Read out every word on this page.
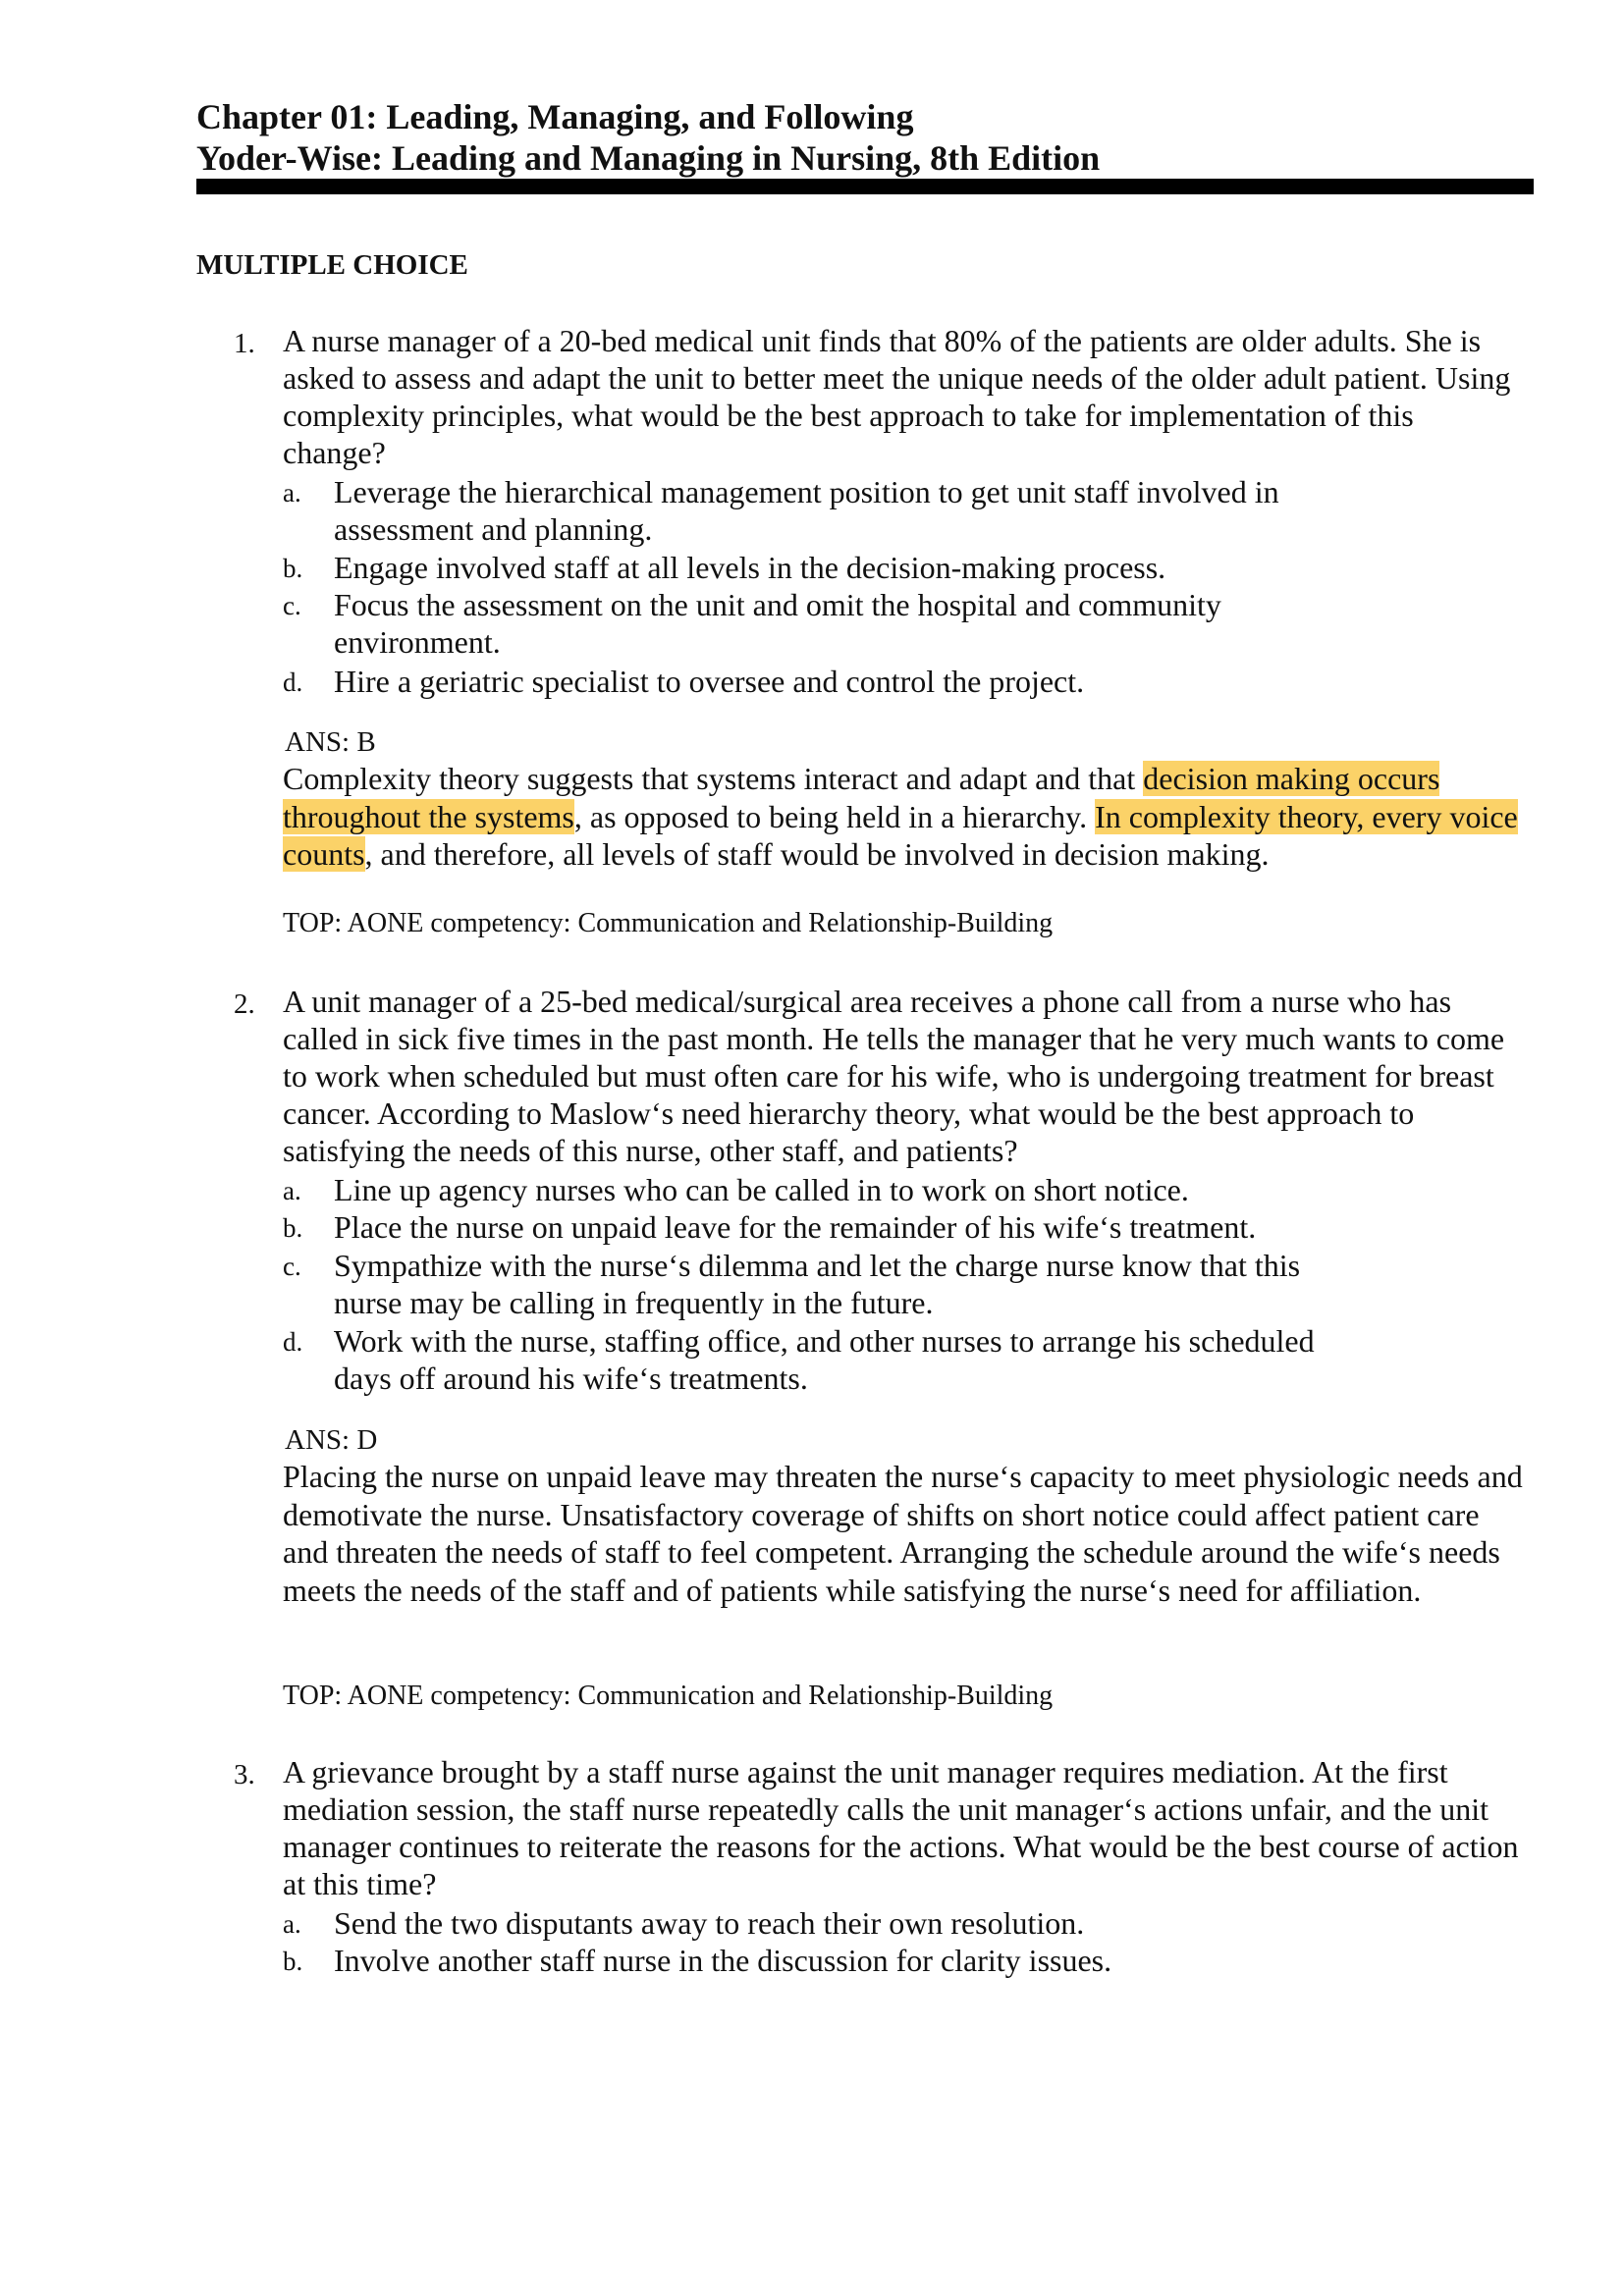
Chapter 01: Leading, Managing, and Following
Yoder-Wise: Leading and Managing in Nursing, 8th Edition
MULTIPLE CHOICE
1. A nurse manager of a 20-bed medical unit finds that 80% of the patients are older adults. She is asked to assess and adapt the unit to better meet the unique needs of the older adult patient. Using complexity principles, what would be the best approach to take for implementation of this change?
a. Leverage the hierarchical management position to get unit staff involved in assessment and planning.
b. Engage involved staff at all levels in the decision-making process.
c. Focus the assessment on the unit and omit the hospital and community environment.
d. Hire a geriatric specialist to oversee and control the project.
ANS: B
Complexity theory suggests that systems interact and adapt and that decision making occurs throughout the systems, as opposed to being held in a hierarchy. In complexity theory, every voice counts, and therefore, all levels of staff would be involved in decision making.
TOP: AONE competency: Communication and Relationship-Building
2. A unit manager of a 25-bed medical/surgical area receives a phone call from a nurse who has called in sick five times in the past month. He tells the manager that he very much wants to come to work when scheduled but must often care for his wife, who is undergoing treatment for breast cancer. According to Maslow‘s need hierarchy theory, what would be the best approach to satisfying the needs of this nurse, other staff, and patients?
a. Line up agency nurses who can be called in to work on short notice.
b. Place the nurse on unpaid leave for the remainder of his wife‘s treatment.
c. Sympathize with the nurse‘s dilemma and let the charge nurse know that this nurse may be calling in frequently in the future.
d. Work with the nurse, staffing office, and other nurses to arrange his scheduled days off around his wife‘s treatments.
ANS: D
Placing the nurse on unpaid leave may threaten the nurse‘s capacity to meet physiologic needs and demotivate the nurse. Unsatisfactory coverage of shifts on short notice could affect patient care and threaten the needs of staff to feel competent. Arranging the schedule around the wife‘s needs meets the needs of the staff and of patients while satisfying the nurse‘s need for affiliation.
TOP: AONE competency: Communication and Relationship-Building
3. A grievance brought by a staff nurse against the unit manager requires mediation. At the first mediation session, the staff nurse repeatedly calls the unit manager‘s actions unfair, and the unit manager continues to reiterate the reasons for the actions. What would be the best course of action at this time?
a. Send the two disputants away to reach their own resolution.
b. Involve another staff nurse in the discussion for clarity issues.
